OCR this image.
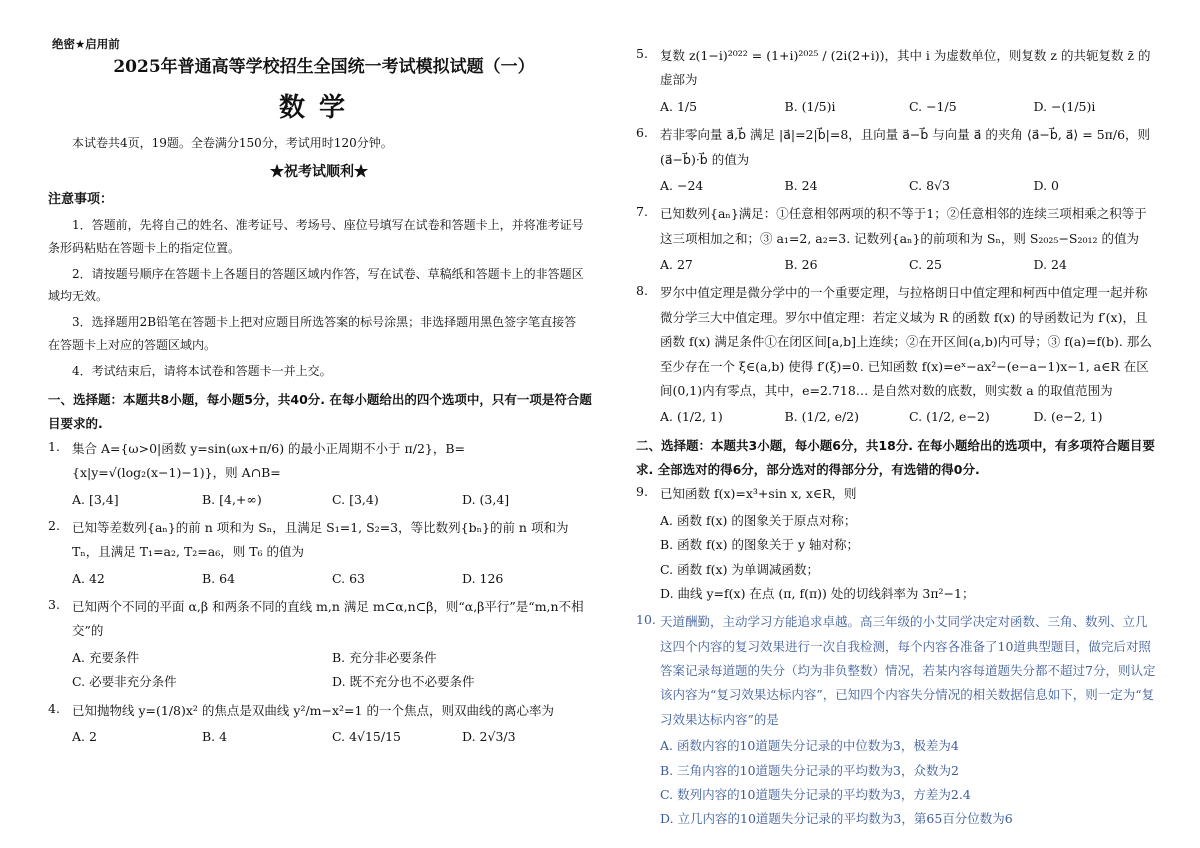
绝密★启用前
2025年普通高等学校招生全国统一考试模拟试题（一）
数学
本试卷共4页，19题。全卷满分150分，考试用时120分钟。
★祝考试顺利★
注意事项：
1．答题前，先将自己的姓名、准考证号、考场号、座位号填写在试卷和答题卡上，并将准考证号条形码粘贴在答题卡上的指定位置。
2．请按题号顺序在答题卡上各题目的答题区域内作答，写在试卷、草稿纸和答题卡上的非答题区域均无效。
3．选择题用2B铅笔在答题卡上把对应题目所选答案的标号涂黑；非选择题用黑色签字笔直接答在答题卡上对应的答题区域内。
4．考试结束后，请将本试卷和答题卡一并上交。
一、选择题：本题共8小题，每小题5分，共40分. 在每小题给出的四个选项中，只有一项是符合题目要求的.
1. 集合 A={ω>0|函数 y=sin(ωx+π/6) 的最小正周期不小于 π/2}，B={x|y=√(log₂(x−1)−1)}，则 A∩B=
A. [3,4]	B. [4,+∞)	C. [3,4)	D. (3,4]
2. 已知等差数列{aₙ}的前 n 项和为 Sₙ，且满足 S₁=1, S₂=3，等比数列{bₙ}的前 n 项和为 Tₙ，且满足 T₁=a₂, T₂=a₆，则 T₆ 的值为
A. 42	B. 64	C. 63	D. 126
3. 已知两个不同的平面 α,β 和两条不同的直线 m,n 满足 m⊂α,n⊂β，则“α,β平行”是“m,n不相交”的
A. 充要条件	B. 充分非必要条件
C. 必要非充分条件	D. 既不充分也不必要条件
4. 已知抛物线 y=(1/8)x² 的焦点是双曲线 y²/m−x²=1 的一个焦点，则双曲线的离心率为
A. 2	B. 4	C. 4√15/15	D. 2√3/3
5. 复数 z(1−i)²⁰²² = (1+i)²⁰²⁵ / (2i(2+i))，其中 i 为虚数单位，则复数 z 的共轭复数 z̄ 的虚部为
A. 1/5	B. (1/5)i	C. −1/5	D. −(1/5)i
6. 若非零向量 a⃗,b⃗ 满足 |a⃗|=2|b⃗|=8，且向量 a⃗−b⃗ 与向量 a⃗ 的夹角 ⟨a⃗−b⃗, a⃗⟩ = 5π/6，则 (a⃗−b⃗)·b⃗ 的值为
A. −24	B. 24	C. 8√3	D. 0
7. 已知数列{aₙ}满足：①任意相邻两项的积不等于1；②任意相邻的连续三项相乘之积等于这三项相加之和；③ a₁=2, a₂=3. 记数列{aₙ}的前项和为 Sₙ，则 S₂₀₂₅−S₂₀₁₂ 的值为
A. 27	B. 26	C. 25	D. 24
8. 罗尔中值定理是微分学中的一个重要定理，与拉格朗日中值定理和柯西中值定理一起并称微分学三大中值定理。罗尔中值定理：若定义域为 R 的函数 f(x) 的导函数记为 f′(x)，且函数 f(x) 满足条件①在闭区间[a,b]上连续；②在开区间(a,b)内可导；③ f(a)=f(b). 那么至少存在一个 ξ∈(a,b) 使得 f′(ξ)=0. 已知函数 f(x)=eˣ−ax²−(e−a−1)x−1, a∈R 在区间(0,1)内有零点，其中，e=2.718… 是自然对数的底数，则实数 a 的取值范围为
A. (1/2, 1)	B. (1/2, e/2)	C. (1/2, e−2)	D. (e−2, 1)
二、选择题：本题共3小题，每小题6分，共18分. 在每小题给出的选项中，有多项符合题目要求. 全部选对的得6分，部分选对的得部分分，有选错的得0分.
9. 已知函数 f(x)=x³+sin x, x∈R，则
A. 函数 f(x) 的图象关于原点对称；
B. 函数 f(x) 的图象关于 y 轴对称；
C. 函数 f(x) 为单调减函数；
D. 曲线 y=f(x) 在点 (π, f(π)) 处的切线斜率为 3π²−1；
10. 天道酬勤，主动学习方能追求卓越。高三年级的小艾同学决定对函数、三角、数列、立几这四个内容的复习效果进行一次自我检测，每个内容各准备了10道典型题目，做完后对照答案记录每道题的失分（均为非负整数）情况，若某内容每道题失分都不超过7分，则认定该内容为“复习效果达标内容”，已知四个内容失分情况的相关数据信息如下，则一定为“复习效果达标内容”的是
A. 函数内容的10道题失分记录的中位数为3，极差为4
B. 三角内容的10道题失分记录的平均数为3，众数为2
C. 数列内容的10道题失分记录的平均数为3，方差为2.4
D. 立几内容的10道题失分记录的平均数为3，第65百分位数为6
